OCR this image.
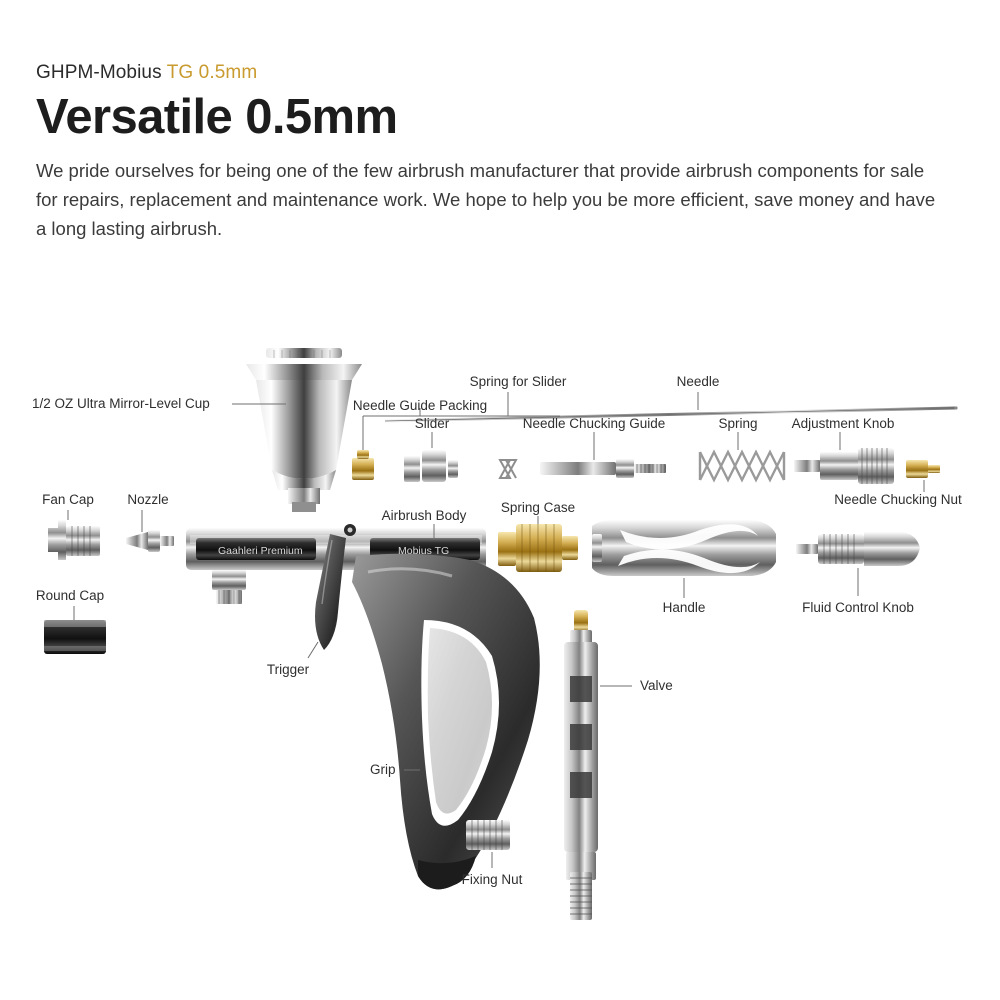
GHPM-Mobius TG 0.5mm

Versatile 0.5mm

We pride ourselves for being one of the few airbrush manufacturer that provide airbrush components for sale for repairs, replacement and maintenance work. We hope to help you be more efficient, save money and have a long lasting airbrush.

Gaahleri Premium	Mobius TG
1/2 OZ Ultra Mirror-Level Cup	Needle Guide Packing
Spring for Slider	Needle
Slider	Needle Chucking Guide	Spring	Adjustment Knob
Needle Chucking Nut
Fan Cap Nozzle
Airbrush Body
Spring Case
Round Cap
Handle	Fluid Control Knob
Trigger
Valve
Grip
Fixing Nut
